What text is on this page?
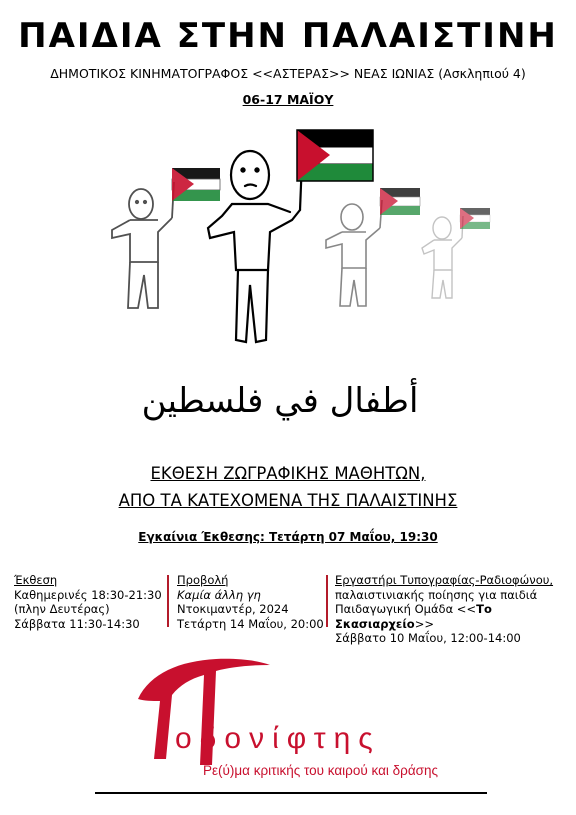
ΠΑΙΔΙΑ ΣΤΗΝ ΠΑΛΑΙΣΤΙΝΗ
ΔΗΜΟΤΙΚΟΣ ΚΙΝΗΜΑΤΟΓΡΑΦΟΣ <<ΑΣΤΕΡΑΣ>> ΝΕΑΣ ΙΩΝΙΑΣ (Ασκληπιού 4)
06-17 ΜΑΪΟΥ
أطفال في فلسطين
ΕΚΘΕΣΗ ΖΩΓΡΑΦΙΚΗΣ ΜΑΘΗΤΩΝ,
ΑΠΟ ΤΑ ΚΑΤΕΧΟΜΕΝΑ ΤΗΣ ΠΑΛΑΙΣΤΙΝΗΣ
Εγκαίνια Έκθεσης: Τετάρτη 07 Μαΐου, 19:30
Έκθεση
Καθημερινές 18:30-21:30
(πλην Δευτέρας)
Σάββατα 11:30-14:30
Προβολή
Καμία άλλη γη
Ντοκιμαντέρ, 2024
Τετάρτη 14 Μαΐου, 20:00
Εργαστήρι Τυπογραφίας-Ραδιοφώνου,
παλαιστινιακής ποίησης για παιδιά
Παιδαγωγική Ομάδα <<Το Σκασιαρχείο>>
Σάββατο 10 Μαΐου, 12:00-14:00
οδονίφτης
Ρε(ύ)μα κριτικής του καιρού και δράσης
